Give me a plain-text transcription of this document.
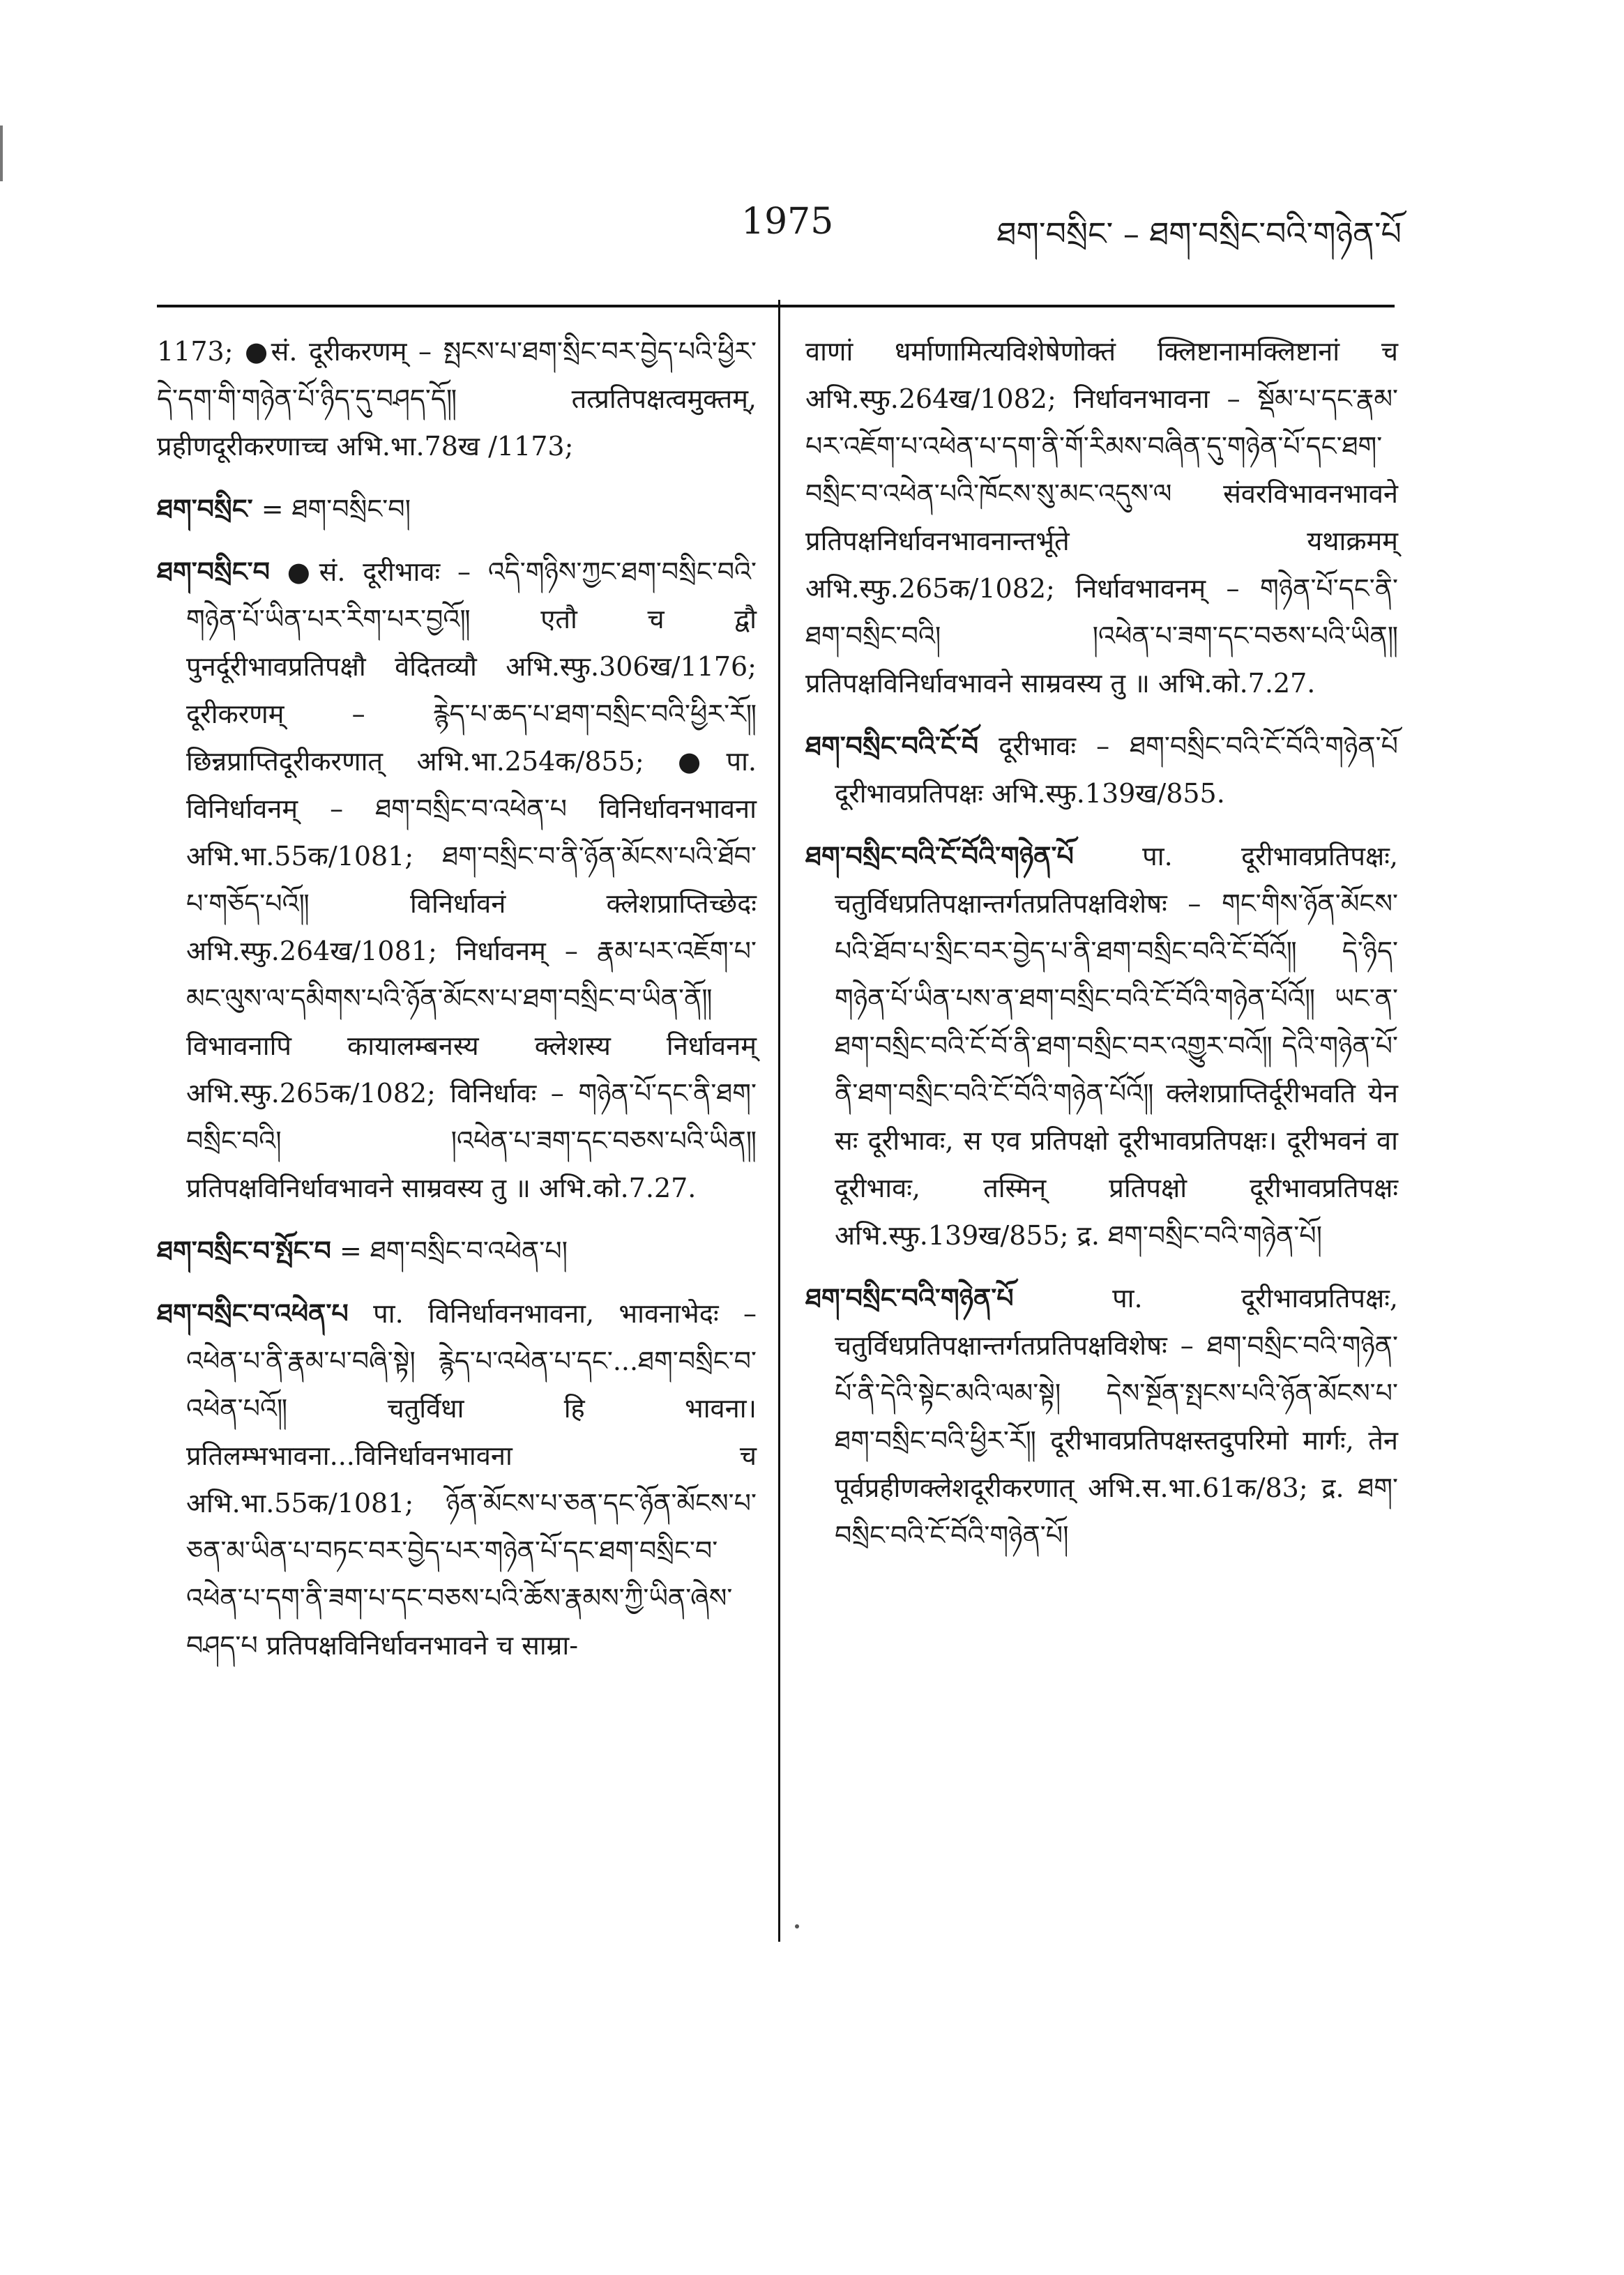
1975	ཐག་བསྲིང་ – ཐག་བསྲིང་བའི་གཉེན་པོ

1173; ●सं. दूरीकरणम् – སྤངས་པ་ཐག་སྲིང་བར་བྱེད་པའི་ཕྱིར་དེ་དག་གི་གཉེན་པོ་ཉིད་དུ་བཤད་དོ༎ तत्प्रतिपक्षत्वमुक्तम्, प्रहीणदूरीकरणाच्च अभि.भा.78ख /1173;

ཐག་བསྲིང་ = ཐག་བསྲིང་བ།

ཐག་བསྲིང་བ ●सं. दूरीभावः – འདི་གཉིས་ཀྱང་ཐག་བསྲིང་བའི་གཉེན་པོ་ཡིན་པར་རིག་པར་བྱའོ༎ एतौ च द्वौ पुनर्दूरीभावप्रतिपक्षौ वेदितव्यौ अभि.स्फु.306ख/1176; दूरीकरणम् – རྙེད་པ་ཆད་པ་ཐག་བསྲིང་བའི་ཕྱིར་རོ༎ छिन्नप्राप्तिदूरीकरणात् अभि.भा.254क/855; ●पा. विनिर्धावनम् – ཐག་བསྲིང་བ་འཕེན་པ विनिर्धावनभावना अभि.भा.55क/1081; ཐག་བསྲིང་བ་ནི་ཉོན་མོངས་པའི་ཐོབ་པ་གཅོད་པའོ༎ विनिर्धावनं क्लेशप्राप्तिच्छेदः अभि.स्फु.264ख/1081; निर्धावनम् – རྣམ་པར་འཇོག་པ་མང་ལུས་ལ་དམིགས་པའི་ཉོན་མོངས་པ་ཐག་བསྲིང་བ་ཡིན་ནོ༎ विभावनापि कायालम्बनस्य क्लेशस्य निर्धावनम् अभि.स्फु.265क/1082; विनिर्धावः – གཉེན་པོ་དང་ནི་ཐག་བསྲིང་བའི། །འཕེན་པ་ཟག་དང་བཅས་པའི་ཡིན༎ प्रतिपक्षविनिर्धावभावने साम्रवस्य तु ॥ अभि.को.7.27.

ཐག་བསྲིང་བ་སྤོང་བ = ཐག་བསྲིང་བ་འཕེན་པ།

ཐག་བསྲིང་བ་འཕེན་པ पा. विनिर्धावनभावना, भावनाभेदः – འཕེན་པ་ནི་རྣམ་པ་བཞི་སྟེ། རྙེད་པ་འཕེན་པ་དང་...ཐག་བསྲིང་བ་འཕེན་པའོ༎ चतुर्विधा हि भावना। प्रतिलम्भभावना...विनिर्धावनभावना च अभि.भा.55क/1081; ཉོན་མོངས་པ་ཅན་དང་ཉོན་མོངས་པ་ཅན་མ་ཡིན་པ་བཏང་བར་བྱེད་པར་གཉེན་པོ་དང་ཐག་བསྲིང་བ་འཕེན་པ་དག་ནི་ཟག་པ་དང་བཅས་པའི་ཆོས་རྣམས་ཀྱི་ཡིན་ཞེས་བཤད་པ प्रतिपक्षविनिर्धावनभावने च साम्रा-

वाणां धर्माणामित्यविशेषेणोक्तं क्लिष्टानामक्लिष्टानां च अभि.स्फु.264ख/1082; निर्धावनभावना – སྡོམ་པ་དང་རྣམ་པར་འཇོག་པ་འཕེན་པ་དག་ནི་གོ་རིམས་བཞིན་དུ་གཉེན་པོ་དང་ཐག་བསྲིང་བ་འཕེན་པའི་ཁོངས་སུ་མང་འདུས་ལ संवरविभावनभावने प्रतिपक्षनिर्धावनभावनान्तर्भूते यथाक्रमम् अभि.स्फु.265क/1082; निर्धावभावनम् – གཉེན་པོ་དང་ནི་ཐག་བསྲིང་བའི། །འཕེན་པ་ཟག་དང་བཅས་པའི་ཡིན༎ प्रतिपक्षविनिर्धावभावने साम्रवस्य तु ॥ अभि.को.7.27.

ཐག་བསྲིང་བའི་ངོ་བོ दूरीभावः – ཐག་བསྲིང་བའི་ངོ་བོའི་གཉེན་པོ दूरीभावप्रतिपक्षः अभि.स्फु.139ख/855.

ཐག་བསྲིང་བའི་ངོ་བོའི་གཉེན་པོ पा. दूरीभावप्रतिपक्षः, चतुर्विधप्रतिपक्षान्तर्गतप्रतिपक्षविशेषः – གང་གིས་ཉོན་མོངས་པའི་ཐོབ་པ་སྲིང་བར་བྱེད་པ་ནི་ཐག་བསྲིང་བའི་ངོ་བོའོ༎ དེ་ཉིད་གཉེན་པོ་ཡིན་པས་ན་ཐག་བསྲིང་བའི་ངོ་བོའི་གཉེན་པོའོ༎ ཡང་ན་ཐག་བསྲིང་བའི་ངོ་བོ་ནི་ཐག་བསྲིང་བར་འགྱུར་བའོ༎ དེའི་གཉེན་པོ་ནི་ཐག་བསྲིང་བའི་ངོ་བོའི་གཉེན་པོའོ༎ क्लेशप्राप्तिर्दूरीभवति येन सः दूरीभावः, स एव प्रतिपक्षो दूरीभावप्रतिपक्षः। दूरीभवनं वा दूरीभावः, तस्मिन् प्रतिपक्षो दूरीभावप्रतिपक्षः अभि.स्फु.139ख/855; द्र. ཐག་བསྲིང་བའི་གཉེན་པོ།

ཐག་བསྲིང་བའི་གཉེན་པོ पा. दूरीभावप्रतिपक्षः, चतुर्विधप्रतिपक्षान्तर्गतप्रतिपक्षविशेषः – ཐག་བསྲིང་བའི་གཉེན་པོ་ནི་དེའི་སྟེང་མའི་ལམ་སྟེ། དེས་སྔོན་སྤངས་པའི་ཉོན་མོངས་པ་ཐག་བསྲིང་བའི་ཕྱིར་རོ༎ दूरीभावप्रतिपक्षस्तदुपरिमो मार्गः, तेन पूर्वप्रहीणक्लेशदूरीकरणात् अभि.स.भा.61क/83; द्र. ཐག་བསྲིང་བའི་ངོ་བོའི་གཉེན་པོ།
